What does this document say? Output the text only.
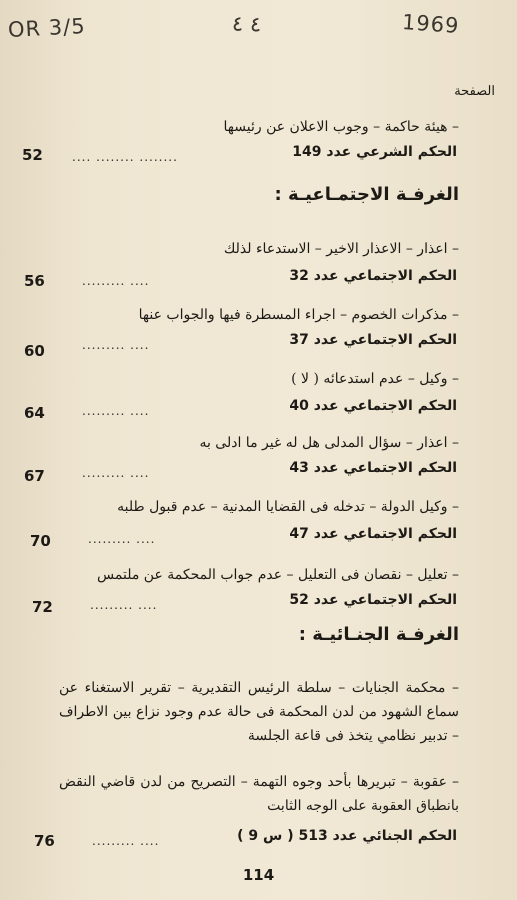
OR 3/5	٤ ٤	1969
الصفحة
– هيئة حاكمة – وجوب الاعلان عن رئيسها
الحكم الشرعي عدد 149
.... ........ ........
52
الغرفـة الاجتمـاعيـة :
– اعذار – الاعذار الاخير – الاستدعاء لذلك
الحكم الاجتماعي عدد 32
......... ....
56
– مذكرات الخصوم – اجراء المسطرة فيها والجواب عنها
الحكم الاجتماعي عدد 37
......... ....
60
– وكيل – عدم استدعائه ( لا )
الحكم الاجتماعي عدد 40
......... ....
64
– اعذار – سؤال المدلى هل له غير ما ادلى به
الحكم الاجتماعي عدد 43
......... ....
67
– وكيل الدولة – تدخله فى القضايا المدنية – عدم قبول طلبه
الحكم الاجتماعي عدد 47
......... ....
70
– تعليل – نقصان فى التعليل – عدم جواب المحكمة عن ملتمس
الحكم الاجتماعي عدد 52
......... ....
72
الغرفـة الجنـائيـة :
– محكمة الجنايات – سلطة الرئيس التقديرية – تقرير الاستغناء عن سماع الشهود من لدن المحكمة فى حالة عدم وجود نزاع بين الاطراف – تدبير نظامي يتخذ فى قاعة الجلسة
– عقوبة – تبريرها بأحد وجوه التهمة – التصريح من لدن قاضي النقض بانطباق العقوبة على الوجه الثابت
الحكم الجنائي عدد 513 ( س 9 )
......... ....
76
114
